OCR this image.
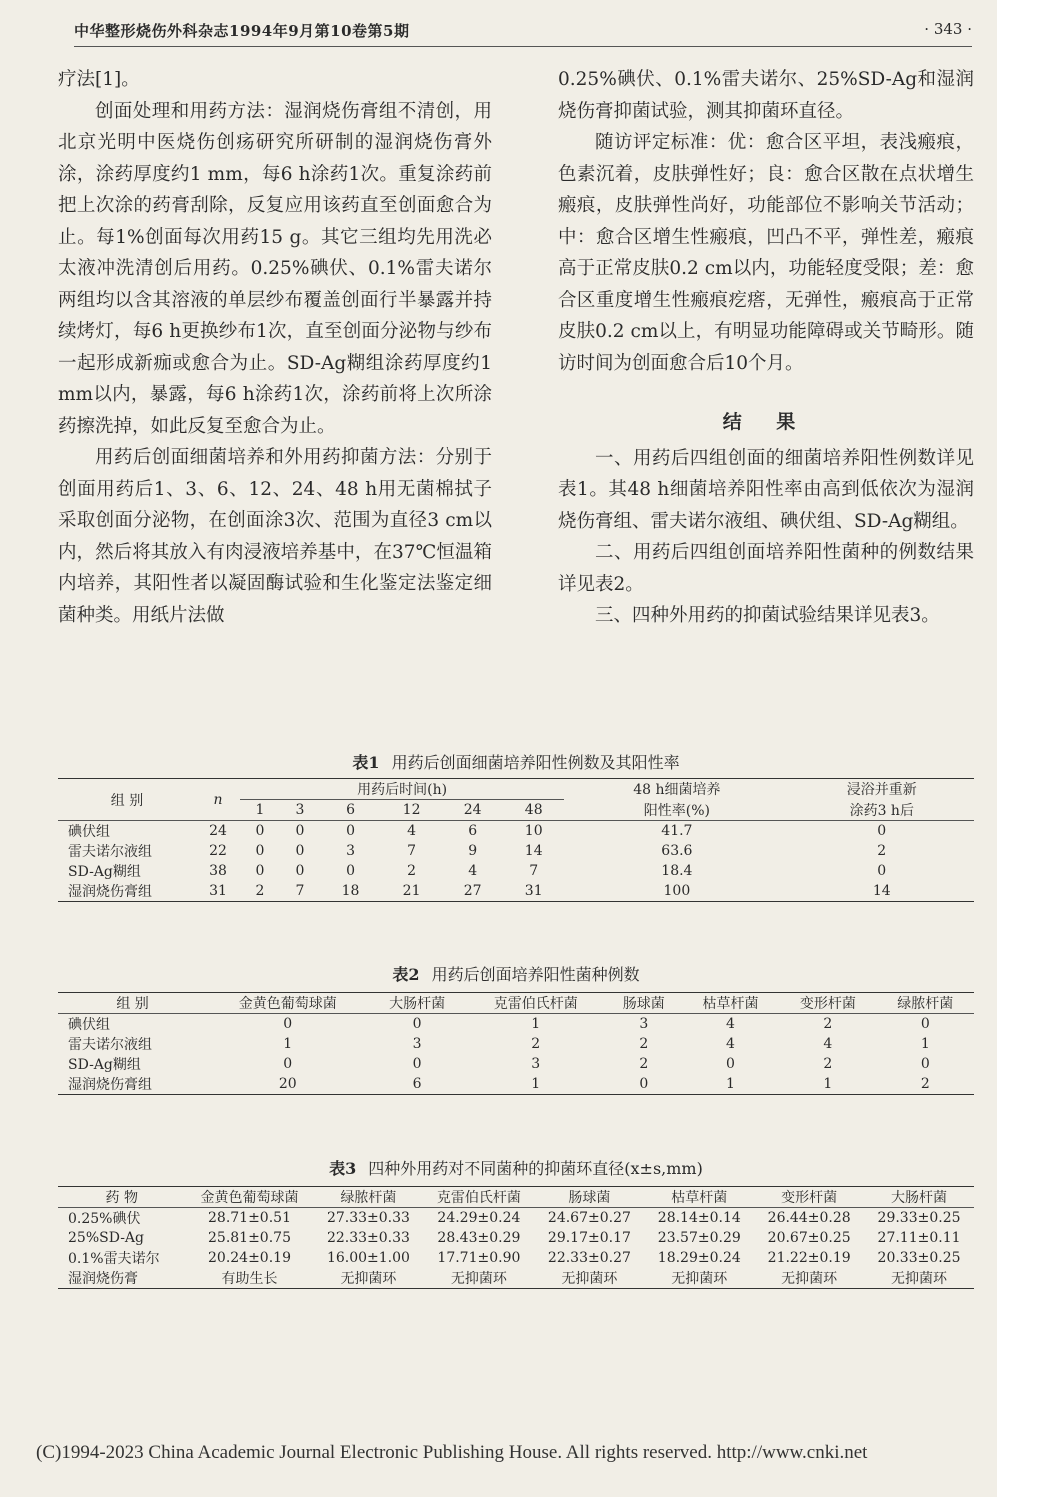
中华整形烧伤外科杂志1994年9月第10卷第5期	· 343 ·

疗法[1]。

创面处理和用药方法：湿润烧伤膏组不清创，用北京光明中医烧伤创疡研究所研制的湿润烧伤膏外涂，涂药厚度约1 mm，每6 h涂药1次。重复涂药前把上次涂的药膏刮除，反复应用该药直至创面愈合为止。每1%创面每次用药15 g。其它三组均先用洗必太液冲洗清创后用药。0.25%碘伏、0.1%雷夫诺尔两组均以含其溶液的单层纱布覆盖创面行半暴露并持续烤灯，每6 h更换纱布1次，直至创面分泌物与纱布一起形成新痂或愈合为止。SD-Ag糊组涂药厚度约1 mm以内，暴露，每6 h涂药1次，涂药前将上次所涂药擦洗掉，如此反复至愈合为止。

用药后创面细菌培养和外用药抑菌方法：分别于创面用药后1、3、6、12、24、48 h用无菌棉拭子采取创面分泌物，在创面涂3次、范围为直径3 cm以内，然后将其放入有肉浸液培养基中，在37℃恒温箱内培养，其阳性者以凝固酶试验和生化鉴定法鉴定细菌种类。用纸片法做

0.25%碘伏、0.1%雷夫诺尔、25%SD-Ag和湿润烧伤膏抑菌试验，测其抑菌环直径。

随访评定标准：优：愈合区平坦，表浅瘢痕，色素沉着，皮肤弹性好；良：愈合区散在点状增生瘢痕，皮肤弹性尚好，功能部位不影响关节活动；中：愈合区增生性瘢痕，凹凸不平，弹性差，瘢痕高于正常皮肤0.2 cm以内，功能轻度受限；差：愈合区重度增生性瘢痕疙瘩，无弹性，瘢痕高于正常皮肤0.2 cm以上，有明显功能障碍或关节畸形。随访时间为创面愈合后10个月。

结 果

一、用药后四组创面的细菌培养阳性例数详见表1。其48 h细菌培养阳性率由高到低依次为湿润烧伤膏组、雷夫诺尔液组、碘伏组、SD-Ag糊组。

二、用药后四组创面培养阳性菌种的例数结果详见表2。

三、四种外用药的抑菌试验结果详见表3。

表1 用药后创面细菌培养阳性例数及其阳性率
组 别	n	用药后时间(h)						48 h细菌培养	浸浴并重新
		1	3	6	12	24	48	阳性率(%)	涂药3 h后
碘伏组	24	0	0	0	4	6	10	41.7	0
雷夫诺尔液组	22	0	0	3	7	9	14	63.6	2
SD-Ag糊组	38	0	0	0	2	4	7	18.4	0
湿润烧伤膏组	31	2	7	18	21	27	31	100	14
表2 用药后创面培养阳性菌种例数
组 别	金黄色葡萄球菌	大肠杆菌	克雷伯氏杆菌	肠球菌	枯草杆菌	变形杆菌	绿脓杆菌
碘伏组	0	0	1	3	4	2	0
雷夫诺尔液组	1	3	2	2	4	4	1
SD-Ag糊组	0	0	3	2	0	2	0
湿润烧伤膏组	20	6	1	0	1	1	2
表3 四种外用药对不同菌种的抑菌环直径(x±s,mm)
药 物	金黄色葡萄球菌	绿脓杆菌	克雷伯氏杆菌	肠球菌	枯草杆菌	变形杆菌	大肠杆菌
0.25%碘伏	28.71±0.51	27.33±0.33	24.29±0.24	24.67±0.27	28.14±0.14	26.44±0.28	29.33±0.25
25%SD-Ag	25.81±0.75	22.33±0.33	28.43±0.29	29.17±0.17	23.57±0.29	20.67±0.25	27.11±0.11
0.1%雷夫诺尔	20.24±0.19	16.00±1.00	17.71±0.90	22.33±0.27	18.29±0.24	21.22±0.19	20.33±0.25
湿润烧伤膏	有助生长	无抑菌环	无抑菌环	无抑菌环	无抑菌环	无抑菌环	无抑菌环
(C)1994-2023 China Academic Journal Electronic Publishing House. All rights reserved. http://www.cnki.net
